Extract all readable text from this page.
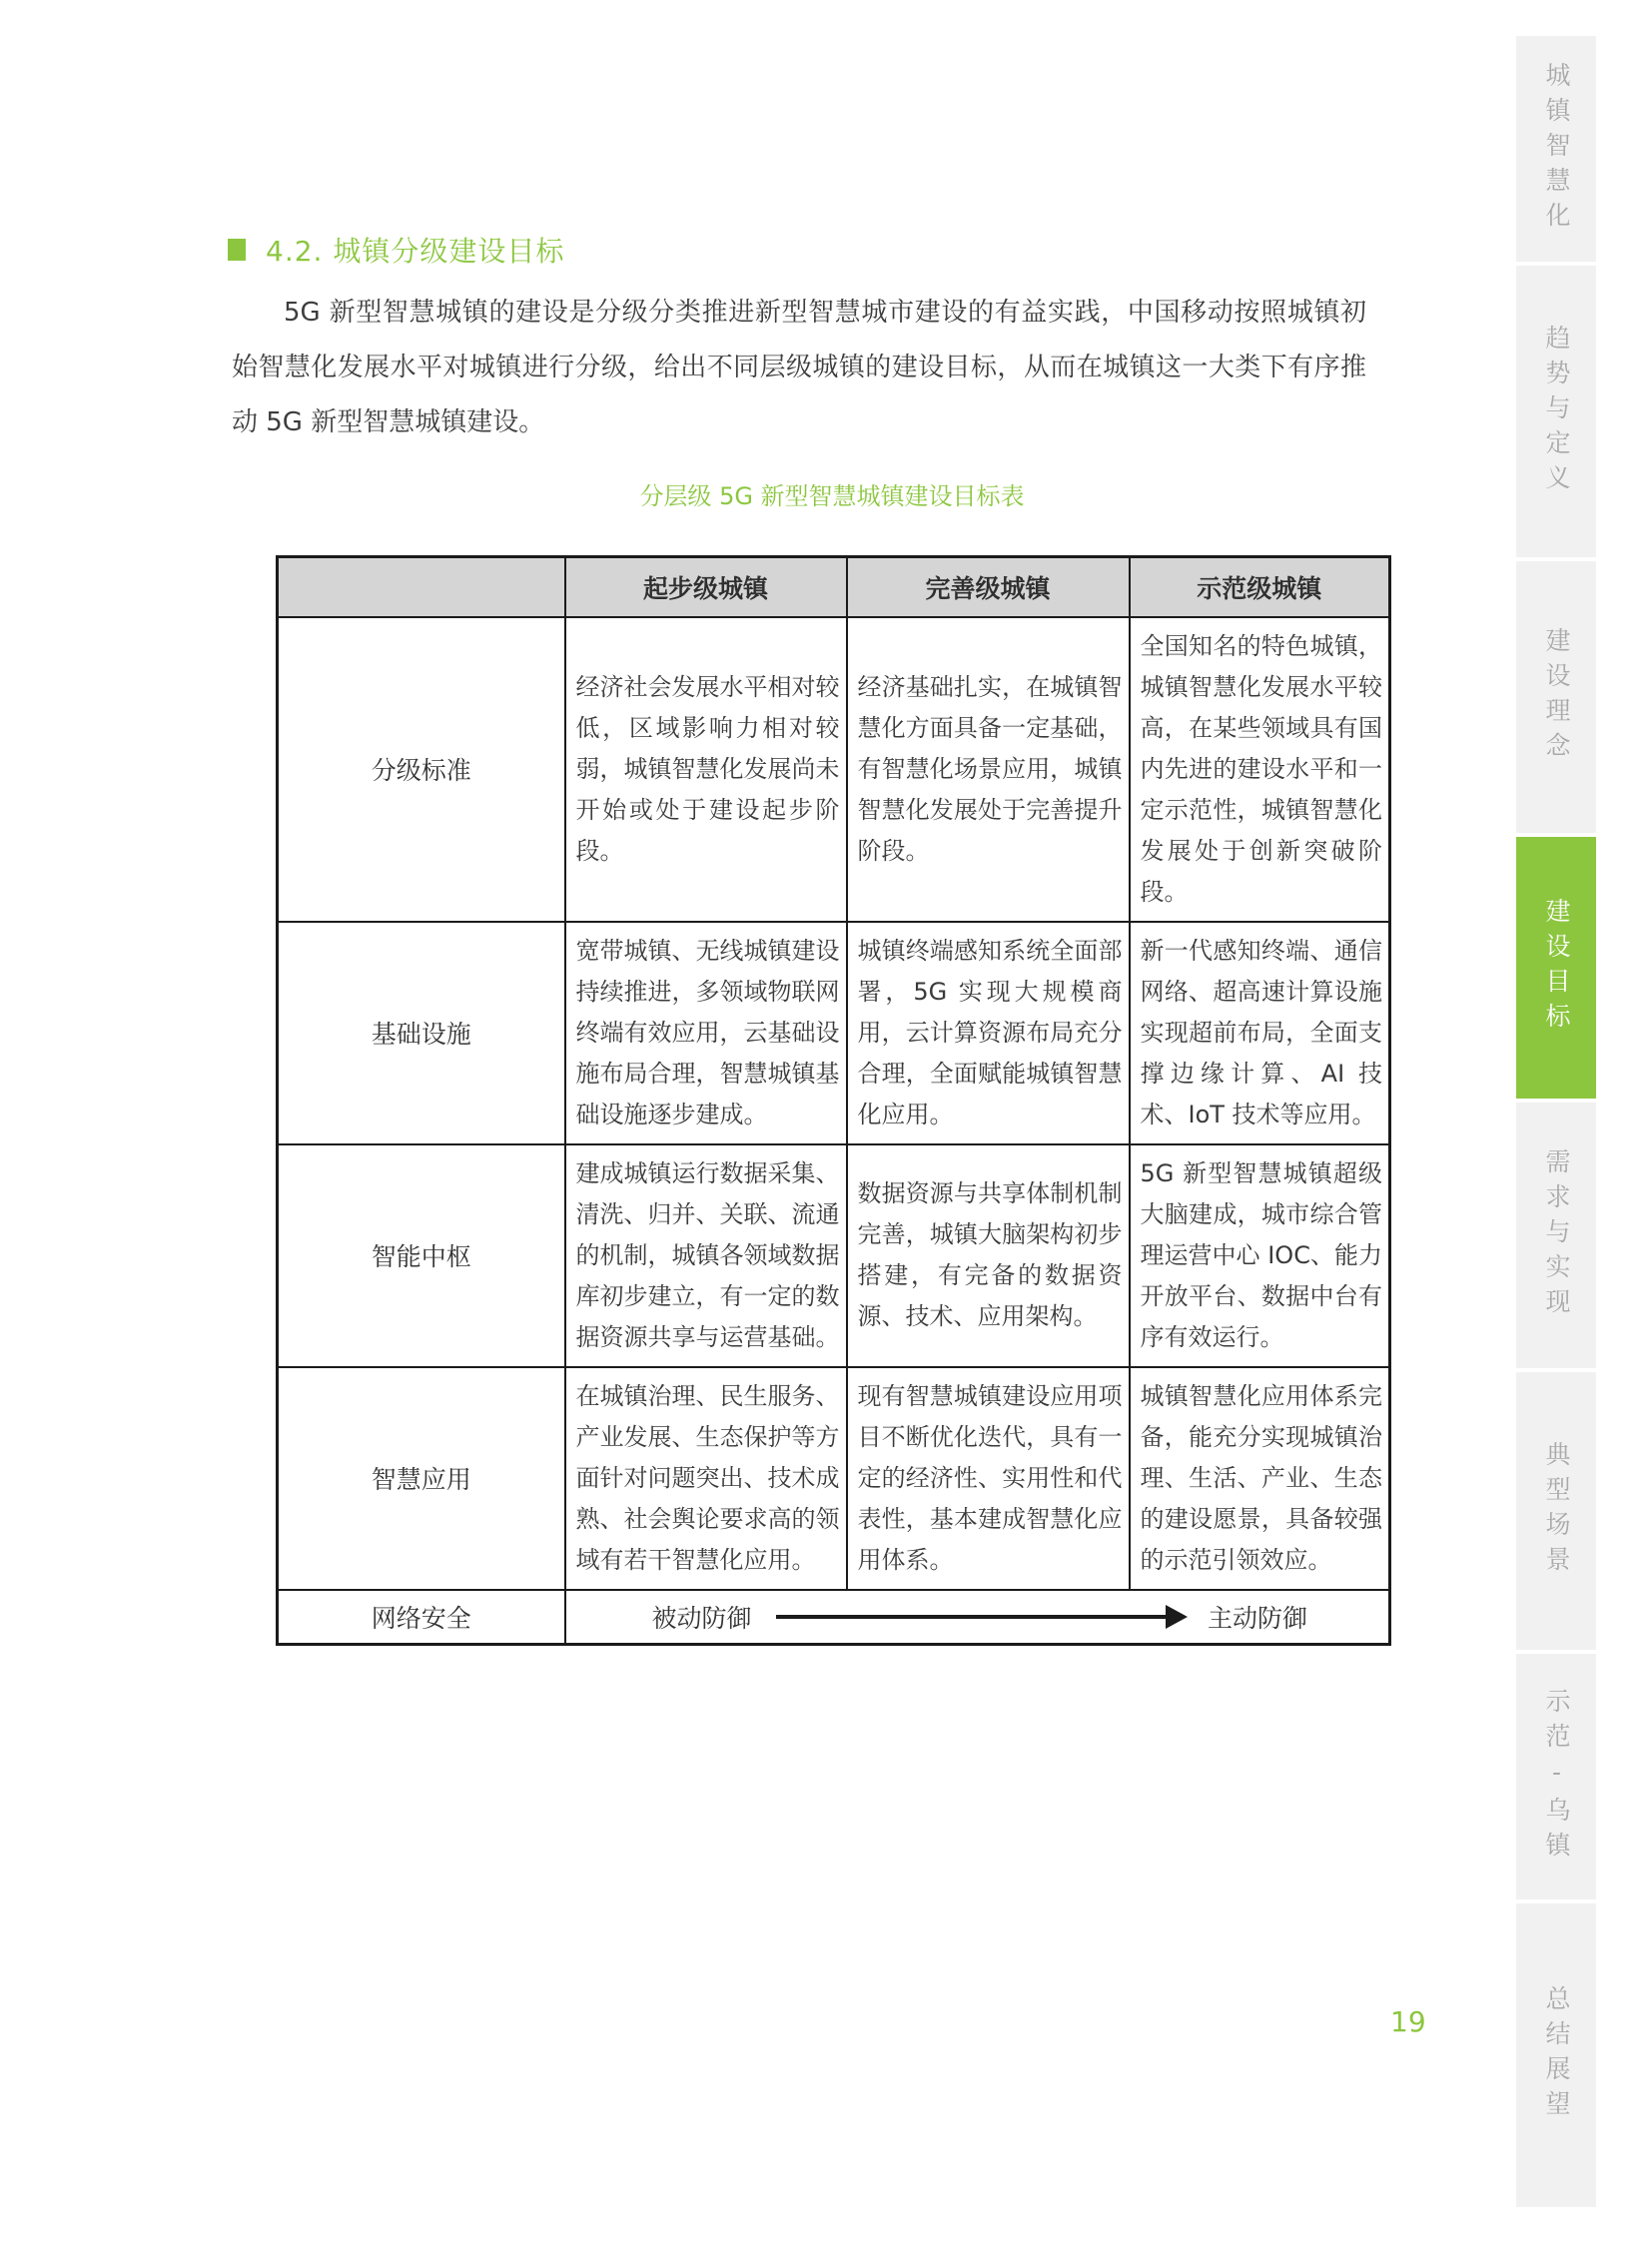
4.2. 城镇分级建设目标
5G 新型智慧城镇的建设是分级分类推进新型智慧城市建设的有益实践，中国移动按照城镇初始智慧化发展水平对城镇进行分级，给出不同层级城镇的建设目标，从而在城镇这一大类下有序推动 5G 新型智慧城镇建设。
分层级 5G 新型智慧城镇建设目标表
	起步级城镇	完善级城镇	示范级城镇
分级标准	经济社会发展水平相对较低，区域影响力相对较弱，城镇智慧化发展尚未开始或处于建设起步阶段。	经济基础扎实，在城镇智慧化方面具备一定基础，有智慧化场景应用，城镇智慧化发展处于完善提升阶段。	全国知名的特色城镇，城镇智慧化发展水平较高，在某些领域具有国内先进的建设水平和一定示范性，城镇智慧化发展处于创新突破阶段。
基础设施	宽带城镇、无线城镇建设持续推进，多领域物联网终端有效应用，云基础设施布局合理，智慧城镇基础设施逐步建成。	城镇终端感知系统全面部署，5G 实现大规模商用，云计算资源布局充分合理，全面赋能城镇智慧化应用。	新一代感知终端、通信网络、超高速计算设施实现超前布局，全面支撑边缘计算、AI 技术、IoT 技术等应用。
智能中枢	建成城镇运行数据采集、清洗、归并、关联、流通的机制，城镇各领域数据库初步建立，有一定的数据资源共享与运营基础。	数据资源与共享体制机制完善，城镇大脑架构初步搭建，有完备的数据资源、技术、应用架构。	5G 新型智慧城镇超级大脑建成，城市综合管理运营中心 IOC、能力开放平台、数据中台有序有效运行。
智慧应用	在城镇治理、民生服务、产业发展、生态保护等方面针对问题突出、技术成熟、社会舆论要求高的领域有若干智慧化应用。	现有智慧城镇建设应用项目不断优化迭代，具有一定的经济性、实用性和代表性，基本建成智慧化应用体系。	城镇智慧化应用体系完备，能充分实现城镇治理、生活、产业、生态的建设愿景，具备较强的示范引领效应。
网络安全	被动防御 主动防御		
城镇智慧化
趋势与定义
建设理念
建设目标
需求与实现
典型场景
示范-乌镇
总结展望
19
